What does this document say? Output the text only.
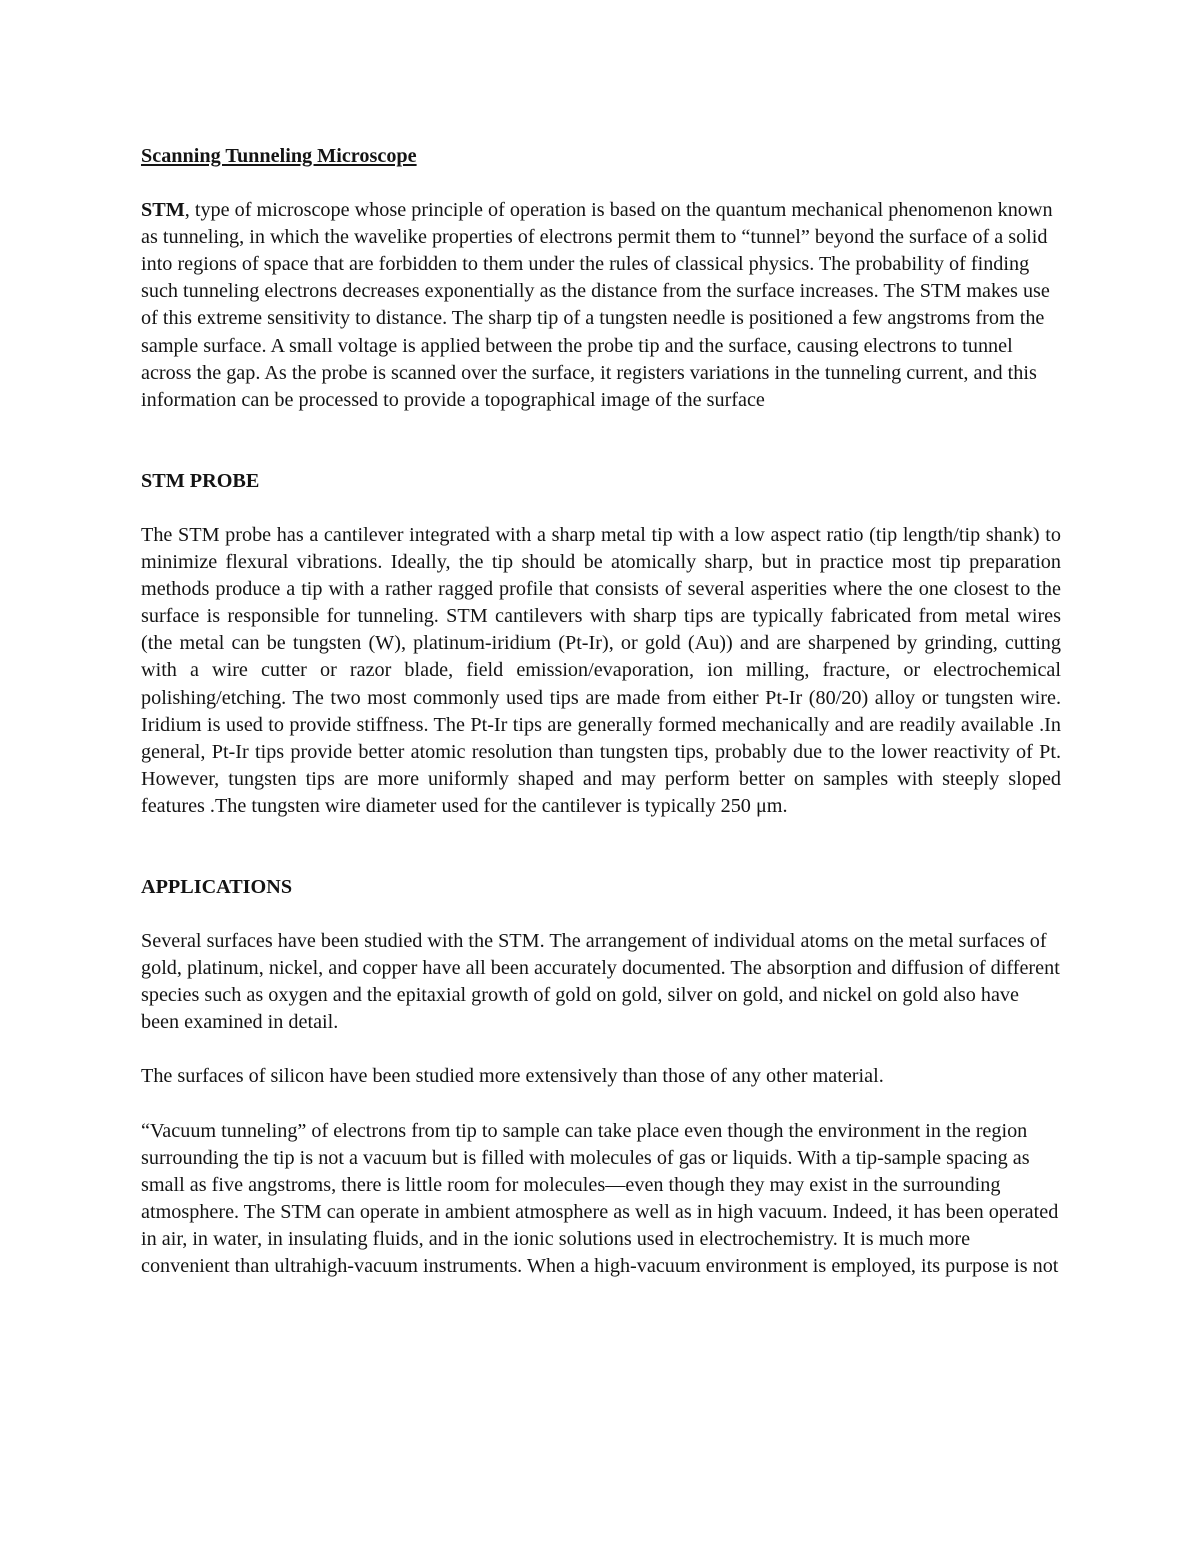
Scanning Tunneling Microscope

STM, type of microscope whose principle of operation is based on the quantum mechanical phenomenon known as tunneling, in which the wavelike properties of electrons permit them to “tunnel” beyond the surface of a solid into regions of space that are forbidden to them under the rules of classical physics. The probability of finding such tunneling electrons decreases exponentially as the distance from the surface increases. The STM makes use of this extreme sensitivity to distance. The sharp tip of a tungsten needle is positioned a few angstroms from the sample surface. A small voltage is applied between the probe tip and the surface, causing electrons to tunnel across the gap. As the probe is scanned over the surface, it registers variations in the tunneling current, and this information can be processed to provide a topographical image of the surface

STM PROBE

The STM probe has a cantilever integrated with a sharp metal tip with a low aspect ratio (tip length/tip shank) to minimize flexural vibrations. Ideally, the tip should be atomically sharp, but in practice most tip preparation methods produce a tip with a rather ragged profile that consists of several asperities where the one closest to the surface is responsible for tunneling. STM cantilevers with sharp tips are typically fabricated from metal wires (the metal can be tungsten (W), platinum-iridium (Pt-Ir), or gold (Au)) and are sharpened by grinding, cutting with a wire cutter or razor blade, field emission/evaporation, ion milling, fracture, or electrochemical polishing/etching. The two most commonly used tips are made from either Pt-Ir (80/20) alloy or tungsten wire. Iridium is used to provide stiffness. The Pt-Ir tips are generally formed mechanically and are readily available .In general, Pt-Ir tips provide better atomic resolution than tungsten tips, probably due to the lower reactivity of Pt. However, tungsten tips are more uniformly shaped and may perform better on samples with steeply sloped features .The tungsten wire diameter used for the cantilever is typically 250 μm.

APPLICATIONS

Several surfaces have been studied with the STM. The arrangement of individual atoms on the metal surfaces of gold, platinum, nickel, and copper have all been accurately documented. The absorption and diffusion of different species such as oxygen and the epitaxial growth of gold on gold, silver on gold, and nickel on gold also have been examined in detail.

The surfaces of silicon have been studied more extensively than those of any other material.

“Vacuum tunneling” of electrons from tip to sample can take place even though the environment in the region surrounding the tip is not a vacuum but is filled with molecules of gas or liquids. With a tip-sample spacing as small as five angstroms, there is little room for molecules—even though they may exist in the surrounding atmosphere. The STM can operate in ambient atmosphere as well as in high vacuum. Indeed, it has been operated in air, in water, in insulating fluids, and in the ionic solutions used in electrochemistry. It is much more convenient than ultrahigh-vacuum instruments. When a high-vacuum environment is employed, its purpose is not
